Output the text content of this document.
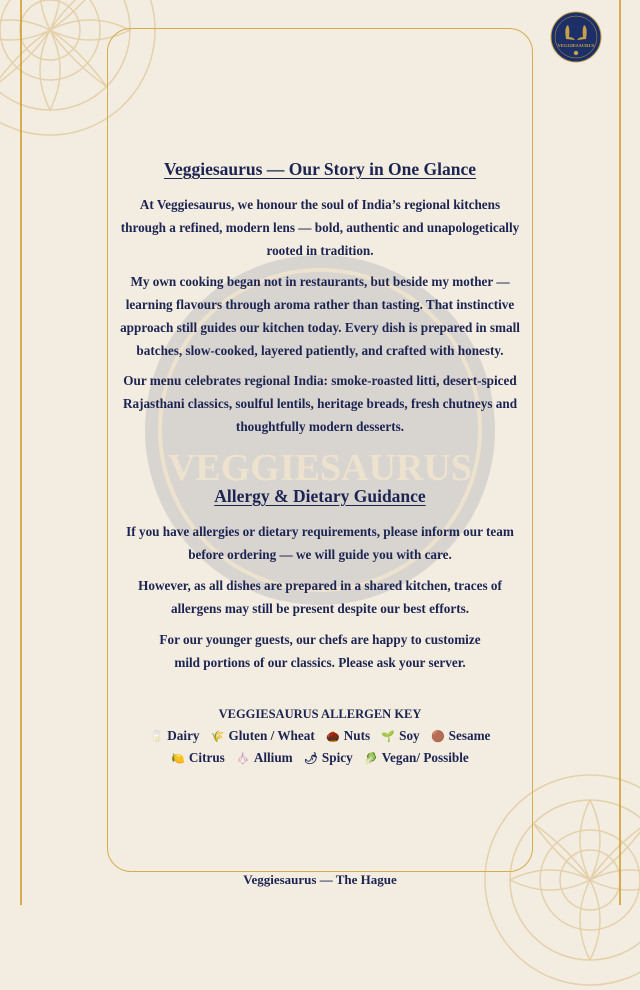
VEGGIESAURUS
VEGGIESAURUS
Veggiesaurus — Our Story in One Glance
At Veggiesaurus, we honour the soul of India’s regional kitchens
through a refined, modern lens — bold, authentic and unapologetically
rooted in tradition.
My own cooking began not in restaurants, but beside my mother —
learning flavours through aroma rather than tasting. That instinctive
approach still guides our kitchen today. Every dish is prepared in small
batches, slow-cooked, layered patiently, and crafted with honesty.
Our menu celebrates regional India: smoke-roasted litti, desert-spiced
Rajasthani classics, soulful lentils, heritage breads, fresh chutneys and
thoughtfully modern desserts.
Allergy & Dietary Guidance
If you have allergies or dietary requirements, please inform our team
before ordering — we will guide you with care.
However, as all dishes are prepared in a shared kitchen, traces of
allergens may still be present despite our best efforts.
For our younger guests, our chefs are happy to customize
mild portions of our classics. Please ask your server.
VEGGIESAURUS ALLERGEN KEY
🥛 Dairy 🌾 Gluten / Wheat 🌰 Nuts 🌱 Soy 🟤 Sesame
🍋 Citrus 🧄 Allium 🌶 Spicy 🥬 Vegan/ Possible
Veggiesaurus — The Hague
